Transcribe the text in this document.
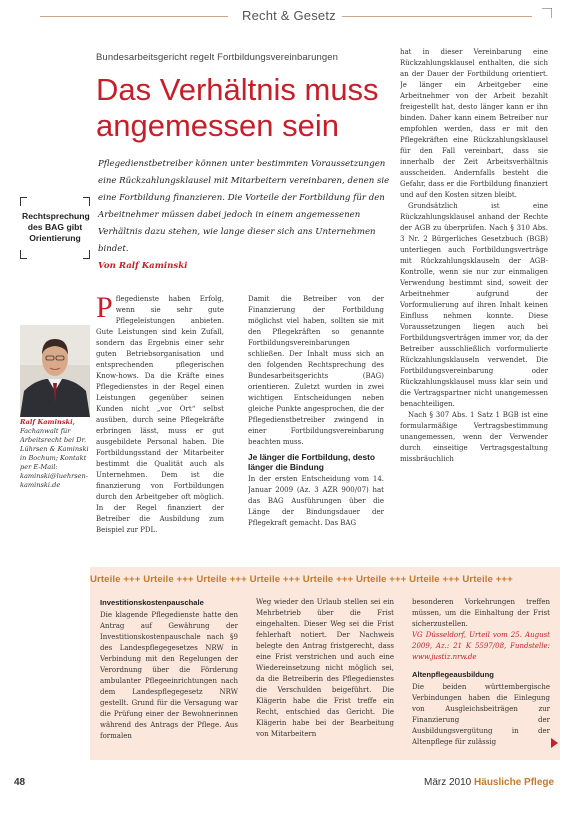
Recht & Gesetz
Bundesarbeitsgericht regelt Fortbildungsvereinbarungen
Das Verhältnis muss
angemessen sein
Pflegedienstbetreiber können unter bestimmten Voraussetzungen eine Rückzahlungsklausel mit Mitarbeitern vereinbaren, denen sie eine Fortbildung finanzieren. Die Vorteile der Fortbildung für den Arbeitnehmer müssen dabei jedoch in einem angemessenen Verhältnis dazu stehen, wie lange dieser sich ans Unternehmen bindet.
Von Ralf Kaminski
Rechtsprechung des BAG gibt Orientierung
Ralf Kaminski, Fachanwalt für Arbeitsrecht bei Dr. Lührsen & Kaminski in Bochum; Kontakt per E-Mail: kaminski@luehrsen-kaminski.de
P flegedienste haben Erfolg, wenn sie sehr gute Pflegeleistungen anbieten. Gute Leistungen sind kein Zufall, sondern das Ergebnis einer sehr guten Betriebsorganisation und entsprechenden pflegerischen Know-hows. Da die Kräfte eines Pflegedienstes in der Regel einen Leistungen gegenüber seinen Kunden nicht „vor Ort“ selbst ausüben, durch seine Pflegekräfte erbringen lässt, muss er gut ausgebildete Personal haben. Die Fortbildungsstand der Mitarbeiter bestimmt die Qualität auch als Unternehmen. Dem ist die finanzierung von Fortbildungen durch den Arbeitgeber oft möglich. In der Regel finanziert der Betreiber die Ausbildung zum Beispiel zur PDL.

Damit die Betreiber von der Finanzierung der Fortbildung möglichst viel haben, sollten sie mit den Pflegekräften so genannte Fortbildungsvereinbarungen schließen. Der Inhalt muss sich an den folgenden Rechtsprechung des Bundesarbeitsgerichts (BAG) orientieren. Zuletzt wurden in zwei wichtigen Entscheidungen neben gleiche Punkte angesprochen, die der Pflegedienstbetreiber zwingend in einer Fortbildungsvereinbarung beachten muss.

Je länger die Fortbildung, desto länger die Bindung

In der ersten Entscheidung vom 14. Januar 2009 (Az. 3 AZR 900/07) hat das BAG Ausführungen über die Länge der Bindungsdauer der Pflegekraft gemacht. Das BAG

hat in dieser Vereinbarung eine Rückzahlungsklausel enthalten, die sich an der Dauer der Fortbildung orientiert. Je länger ein Arbeitgeber eine Arbeitnehmer von der Arbeit bezahlt freigestellt hat, desto länger kann er ihn binden. Daher kann einem Betreiber nur empfohlen werden, dass er mit den Pflegekräften eine Rückzahlungsklausel für den Fall vereinbart, dass sie innerhalb der Zeit Arbeitsverhältnis ausscheiden. Andernfalls besteht die Gefahr, dass er die Fortbildung finanziert und auf den Kosten sitzen bleibt.

Grundsätzlich ist eine Rückzahlungsklausel anhand der Rechte der AGB zu überprüfen. Nach § 310 Abs. 3 Nr. 2 Bürgerliches Gesetzbuch (BGB) unterliegen auch Fortbildungsverträge mit Rückzahlungsklauseln der AGB-Kontrolle, wenn sie nur zur einmaligen Verwendung bestimmt sind, soweit der Arbeitnehmer aufgrund der Vorformulierung auf ihren Inhalt keinen Einfluss nehmen konnte. Diese Voraussetzungen liegen auch bei Fortbildungsverträgen immer vor, da der Betreiber ausschließlich vorformulierte Rückzahlungsklauseln verwendet. Die Fortbildungsvereinbarung oder Rückzahlungsklausel muss klar sein und die Vertragspartner nicht unangemessen benachteiligen.

Nach § 307 Abs. 1 Satz 1 BGB ist eine formularmäßige Vertragsbestimmung unangemessen, wenn der Verwender durch einseitige Vertragsgestaltung missbräuchlich

Urteile +++ Urteile +++ Urteile +++ Urteile +++ Urteile +++ Urteile +++ Urteile +++ Urteile +++
Investitionskostenpauschale

Die klagende Pflegedienste hatte den Antrag auf Gewährung der Investitionskostenpauschale nach §9 des Landespflegegesetzes NRW in Verbindung mit den Regelungen der Verordnung über die Förderung ambulanter Pflegeeinrichtungen nach dem Landespflegegesetz NRW gestellt. Grund für die Versagung war die Prüfung einer der Bewohnerinnen während des Antrags der Pflege. Aus formalen

Weg wieder den Urlaub stellen sei ein Mehrbetrieb über die Frist eingehalten. Dieser Weg sei die Frist fehlerhaft notiert. Der Nachweis belegte den Antrag fristgerecht, dass eine Frist verstrichen und auch eine Wiedereinsetzung nicht möglich sei, da die Betreiberin des Pflegedienstes die Verschulden beigeführt. Die Klägerin habe die Frist treffe ein Recht, entschied das Gericht. Die Klägerin habe bei der Bearbeitung von Mitarbeitern

besonderen Vorkehrungen treffen müssen, um die Einhaltung der Frist sicherzustellen.

VG Düsseldorf, Urteil vom 25. August 2009, Az.: 21 K 5597/08, Fundstelle: www.justiz.nrw.de

Altenpflegeausbildung

Die beiden württembergische Verbindungen haben die Einlegung von Ausgleichsbeiträgen zur Finanzierung der Ausbildungsvergütung in der Altenpflege für zulässig

48	März 2010 Häusliche Pflege
